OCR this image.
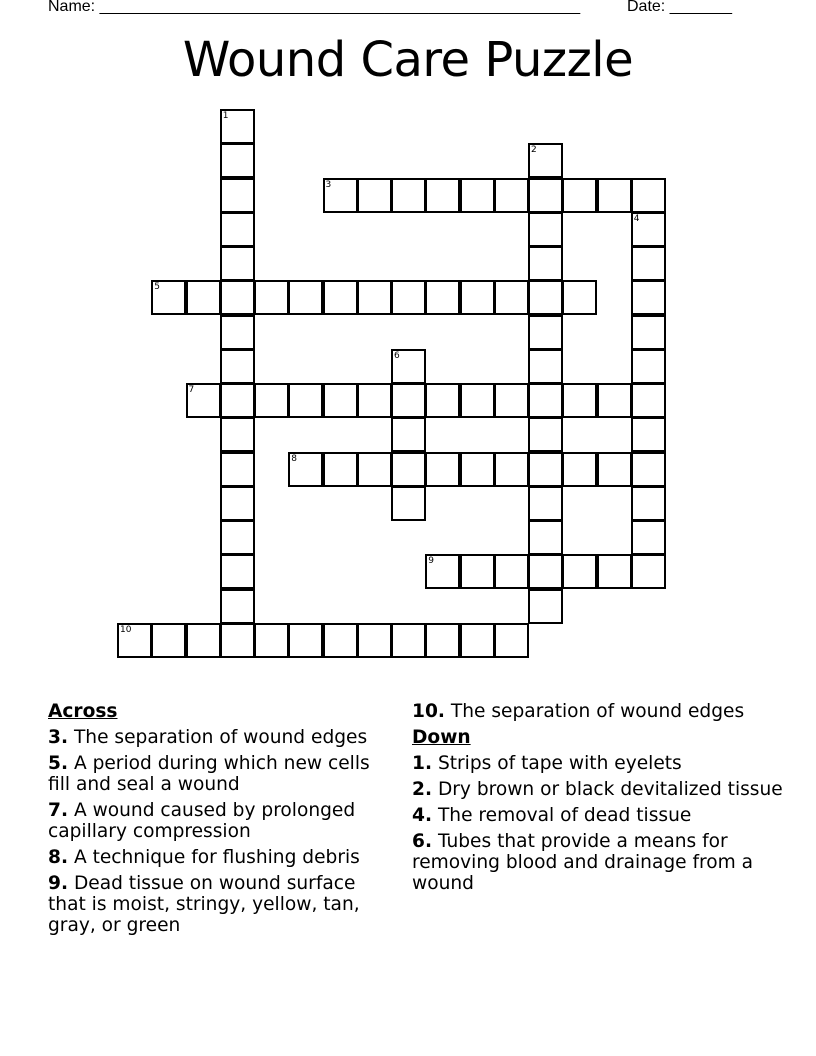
Name: ______________________________________________________	Date: _______
Wound Care Puzzle
1
2
3
4
5
6
7
8
9
10
Across
3. The separation of wound edges
5. A period during which new cells fill and seal a wound
7. A wound caused by prolonged capillary compression
8. A technique for flushing debris
9. Dead tissue on wound surface that is moist, stringy, yellow, tan, gray, or green
10. The separation of wound edges
Down
1. Strips of tape with eyelets
2. Dry brown or black devitalized tissue
4. The removal of dead tissue
6. Tubes that provide a means for removing blood and drainage from a wound
